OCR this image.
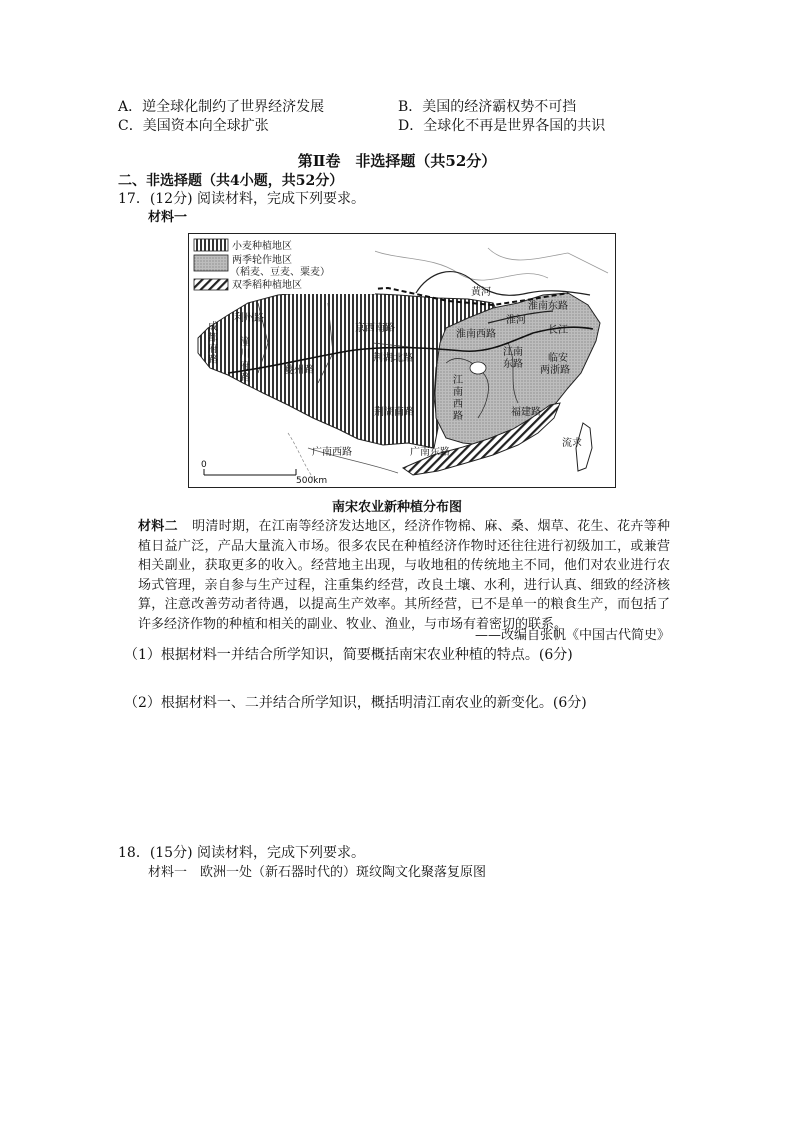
A．逆全球化制约了世界经济发展	B．美国的经济霸权势不可挡
C．美国资本向全球扩张	D．全球化不再是世界各国的共识
第Ⅱ卷　非选择题（共52分）
二、非选择题（共4小题，共52分）
17．(12分) 阅读材料，完成下列要求。
材料一
小麦种植地区
两季轮作地区
（稻麦、豆麦、粟麦）
双季稻种植地区
黄河
淮南东路
淮河
长江
利州路
成
都
府
路
京西南路
淮南西路
潼
川
府
路
夔州路
荆湖北路
江南
东路
临安
两浙路
江
南
西
路
荆湖南路	福建路
广南西路	广南东路
流求
0
500km
南宋农业新种植分布图
材料二 明清时期，在江南等经济发达地区，经济作物棉、麻、桑、烟草、花生、花卉等种植日益广泛，产品大量流入市场。很多农民在种植经济作物时还往往进行初级加工，或兼营相关副业，获取更多的收入。经营地主出现，与收地租的传统地主不同，他们对农业进行农场式管理，亲自参与生产过程，注重集约经营，改良土壤、水利，进行认真、细致的经济核算，注意改善劳动者待遇，以提高生产效率。其所经营，已不是单一的粮食生产，而包括了许多经济作物的种植和相关的副业、牧业、渔业，与市场有着密切的联系。
——改编自张帆《中国古代简史》
（1）根据材料一并结合所学知识，简要概括南宋农业种植的特点。(6分)
（2）根据材料一、二并结合所学知识，概括明清江南农业的新变化。(6分)
18．(15分) 阅读材料，完成下列要求。
材料一　欧洲一处（新石器时代的）斑纹陶文化聚落复原图
